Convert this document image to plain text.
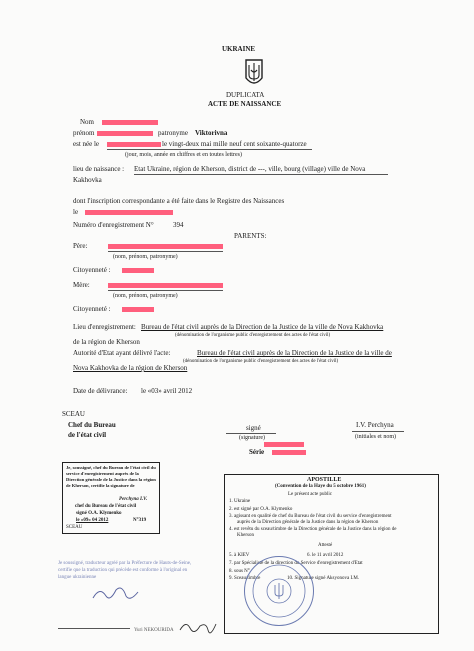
UKRAINE
DUPLICATA
ACTE DE NAISSANCE
Nom
prénom	patronyme Viktorivna
est née le	le vingt-deux mai mille neuf cent soixante-quatorze
(jour, mois, année en chiffres et en toutes lettres)
lieu de naissance : Etat Ukraine, région de Kherson, district de ---, ville, bourg (village) ville de Nova
Kakhovka
dont l'inscription correspondante a été faite dans le Registre des Naissances
le
Numéro d'enregistrement N°	394
PARENTS:
Père:
(nom, prénom, patronyme)
Citoyenneté :
Mère:
(nom, prénom, patronyme)
Citoyenneté :
Lieu d'enregistrement: Bureau de l'état civil auprès de la Direction de la Justice de la ville de Nova Kakhovka
(dénomination de l'organisme public d'enregistrement des actes de l'état civil)
de la région de Kherson
Autorité d'Etat ayant délivré l'acte:	Bureau de l'état civil auprès de la Direction de la Justice de la ville de
(dénomination de l'organisme public d'enregistrement des actes de l'état civil)
Nova Kakhovka de la région de Kherson
Date de délivrance: le «03» avril 2012
SCEAU
Chef du Bureau
de l'état civil
signé
(signature)
I.V. Perchyna
(initiales et nom)
Série
Je, soussigné, chef du Bureau de l'état civil du service d'enregistrement auprès de la Direction générale de la Justice dans la région de Kherson, certifie la signature de
Perchyna I.V.
chef du Bureau de l'état civil
signé O.A. Klymenko
le «09» 04 2012	N°319
SCEAU
APOSTILLE
(Convention de la Haye du 5 octobre 1961)
Le présent acte public
1. Ukraine
2. est signé par O.A. Klymenko
3. agissant en qualité de chef du Bureau de l'état civil du service d'enregistrement
auprès de la Direction générale de la Justice dans la région de Kherson
4. est revêtu du sceau/timbre de la Direction générale de la Justice dans la région de
Kherson
Attesté
5. à KIEV	6. le 11 avril 2012
7. par Spécialiste de la direction du Service d'enregistrement d'Etat
8. sous N°
9. Sceau/timbre	10. Signature signé Aksyonova I.M.
Je soussigné, traducteur agréé par la Préfecture de Hauts-de-Seine, certifie que la traduction qui précède est conforme à l'original en langue ukrainienne
Yuri NEKOURIDA
